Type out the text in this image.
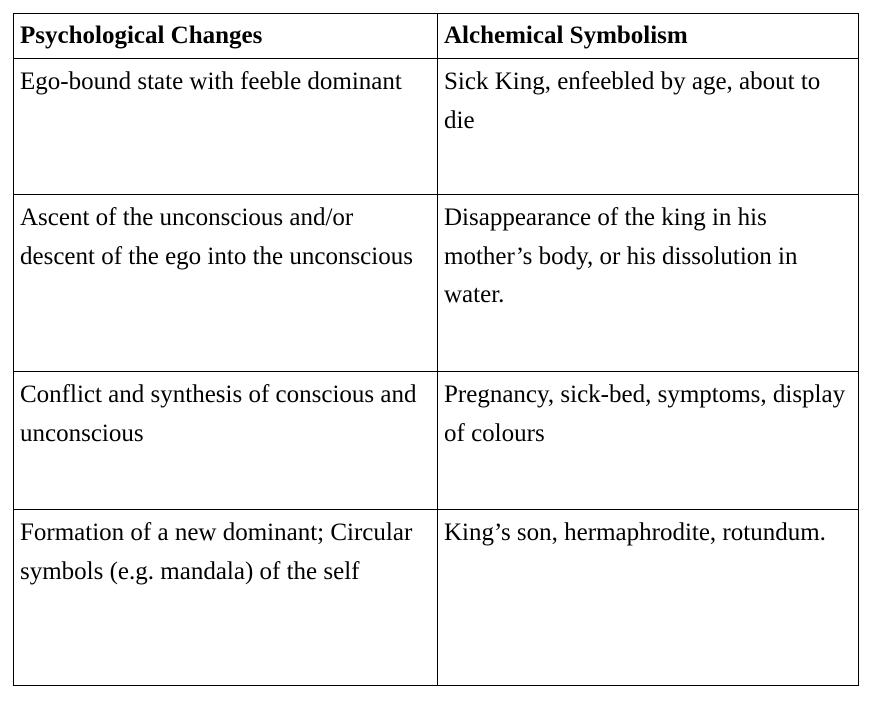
Psychological Changes	Alchemical Symbolism
Ego-bound state with feeble dominant	Sick King, enfeebled by age, about to die
Ascent of the unconscious and/or descent of the ego into the unconscious	Disappearance of the king in his mother’s body, or his dissolution in water.
Conflict and synthesis of conscious and unconscious	Pregnancy, sick-bed, symptoms, display of colours
Formation of a new dominant; Circular symbols (e.g. mandala) of the self	King’s son, hermaphrodite, rotundum.
